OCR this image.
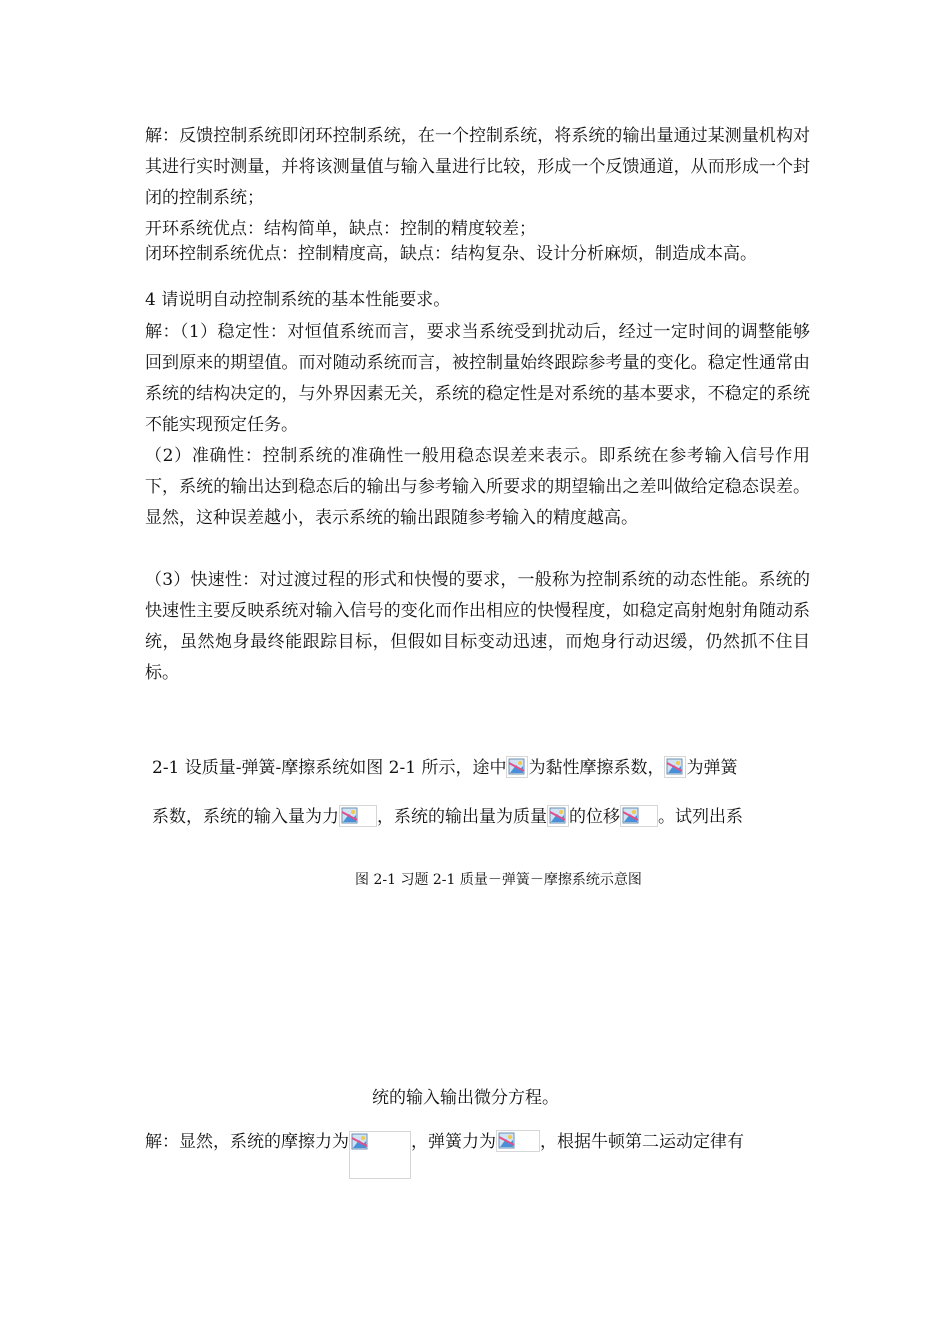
解：反馈控制系统即闭环控制系统，在一个控制系统，将系统的输出量通过某测量机构对其进行实时测量，并将该测量值与输入量进行比较，形成一个反馈通道，从而形成一个封闭的控制系统；
开环系统优点：结构简单，缺点：控制的精度较差；
闭环控制系统优点：控制精度高，缺点：结构复杂、设计分析麻烦，制造成本高。
4 请说明自动控制系统的基本性能要求。
解：（1）稳定性：对恒值系统而言，要求当系统受到扰动后，经过一定时间的调整能够回到原来的期望值。而对随动系统而言，被控制量始终跟踪参考量的变化。稳定性通常由系统的结构决定的，与外界因素无关，系统的稳定性是对系统的基本要求，不稳定的系统不能实现预定任务。
（2）准确性：控制系统的准确性一般用稳态误差来表示。即系统在参考输入信号作用下，系统的输出达到稳态后的输出与参考输入所要求的期望输出之差叫做给定稳态误差。显然，这种误差越小，表示系统的输出跟随参考输入的精度越高。
（3）快速性：对过渡过程的形式和快慢的要求，一般称为控制系统的动态性能。系统的快速性主要反映系统对输入信号的变化而作出相应的快慢程度，如稳定高射炮射角随动系统，虽然炮身最终能跟踪目标，但假如目标变动迅速，而炮身行动迟缓，仍然抓不住目标。
2-1 设质量-弹簧-摩擦系统如图 2-1 所示，途中 为黏性摩擦系数， 为弹簧
系数，系统的输入量为力 ，系统的输出量为质量 的位移 。试列出系
图 2-1 习题 2-1 质量－弹簧－摩擦系统示意图
统的输入输出微分方程。
解：显然，系统的摩擦力为	，弹簧力为	，根据牛顿第二运动定律有
